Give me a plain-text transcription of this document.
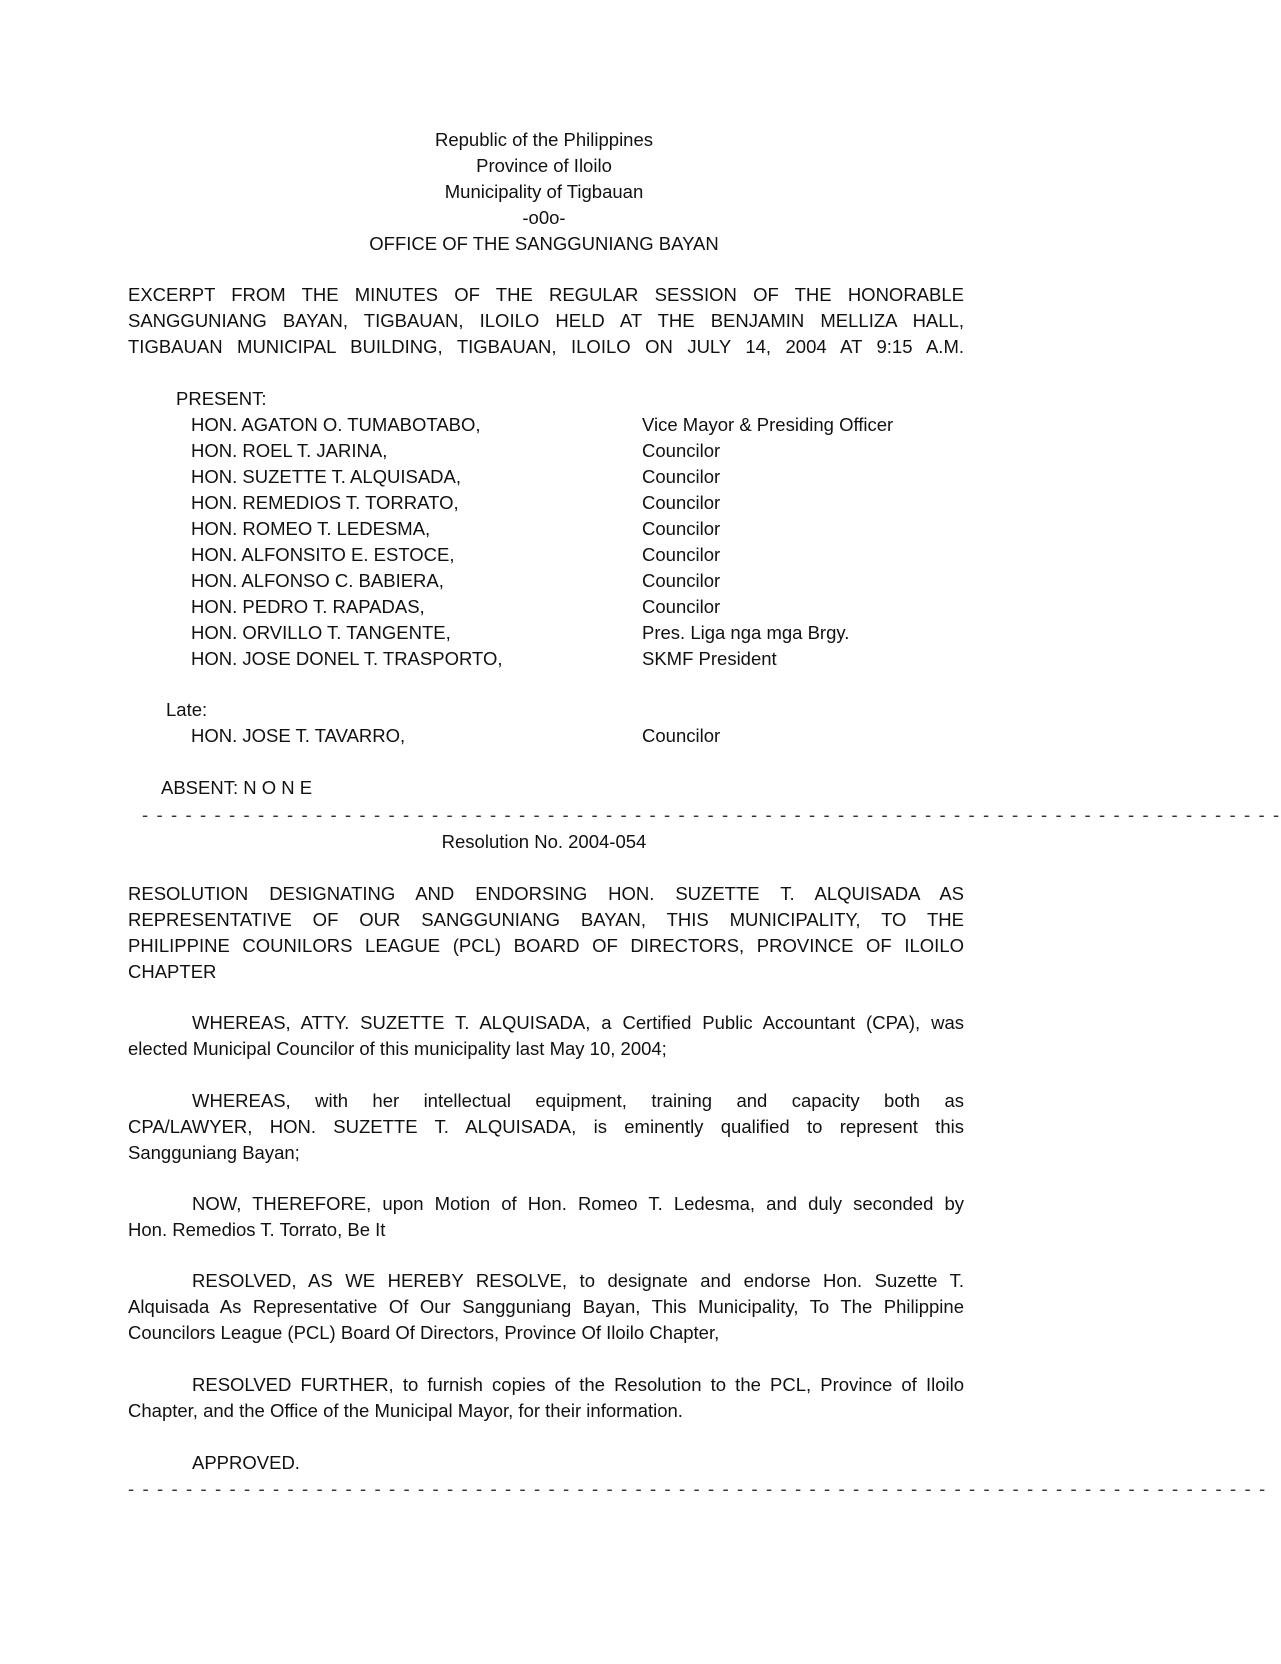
Republic of the Philippines
Province of Iloilo
Municipality of Tigbauan
-o0o-
OFFICE OF THE SANGGUNIANG BAYAN
EXCERPT FROM THE MINUTES OF THE REGULAR SESSION OF THE HONORABLE
SANGGUNIANG BAYAN, TIGBAUAN, ILOILO HELD AT THE BENJAMIN MELLIZA HALL,
TIGBAUAN MUNICIPAL BUILDING, TIGBAUAN, ILOILO ON JULY 14, 2004 AT 9:15 A.M.
PRESENT:
HON. AGATON O. TUMABOTABO,	Vice Mayor & Presiding Officer
HON. ROEL T. JARINA,	Councilor
HON. SUZETTE T. ALQUISADA,	Councilor
HON. REMEDIOS T. TORRATO,	Councilor
HON. ROMEO T. LEDESMA,	Councilor
HON. ALFONSITO E. ESTOCE,	Councilor
HON. ALFONSO C. BABIERA,	Councilor
HON. PEDRO T. RAPADAS,	Councilor
HON. ORVILLO T. TANGENTE,	Pres. Liga nga mga Brgy.
HON. JOSE DONEL T. TRASPORTO,	SKMF President
Late:
HON. JOSE T. TAVARRO,	Councilor
ABSENT: N O N E
- - - - - - - - - - - - - - - - - - - - - - - - - - - - - - - - - - - - - - - - - - - - - - - - - - - - - - - - - - - - - - - - - - - - - - - - - - - - - - -
Resolution No. 2004-054
RESOLUTION DESIGNATING AND ENDORSING HON. SUZETTE T. ALQUISADA AS
REPRESENTATIVE OF OUR SANGGUNIANG BAYAN, THIS MUNICIPALITY, TO THE
PHILIPPINE COUNILORS LEAGUE (PCL) BOARD OF DIRECTORS, PROVINCE OF ILOILO
CHAPTER
WHEREAS, ATTY. SUZETTE T. ALQUISADA, a Certified Public Accountant (CPA), was
elected Municipal Councilor of this municipality last May 10, 2004;
WHEREAS, with her intellectual equipment, training and capacity both as
CPA/LAWYER, HON. SUZETTE T. ALQUISADA, is eminently qualified to represent this
Sangguniang Bayan;
NOW, THEREFORE, upon Motion of Hon. Romeo T. Ledesma, and duly seconded by
Hon. Remedios T. Torrato, Be It
RESOLVED, AS WE HEREBY RESOLVE, to designate and endorse Hon. Suzette T.
Alquisada As Representative Of Our Sangguniang Bayan, This Municipality, To The Philippine
Councilors League (PCL) Board Of Directors, Province Of Iloilo Chapter,
RESOLVED FURTHER, to furnish copies of the Resolution to the PCL, Province of Iloilo
Chapter, and the Office of the Municipal Mayor, for their information.
APPROVED.
- - - - - - - - - - - - - - - - - - - - - - - - - - - - - - - - - - - - - - - - - - - - - - - - - - - - - - - - - - - - - - - - - - - - - - - - - - - - - - -
